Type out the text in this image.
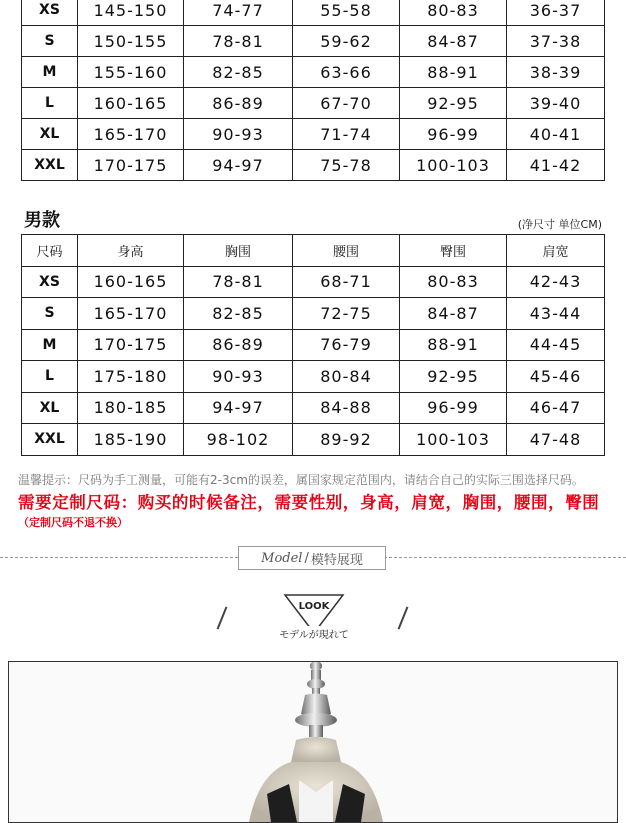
XS	145-150	74-77	55-58	80-83	36-37
S	150-155	78-81	59-62	84-87	37-38
M	155-160	82-85	63-66	88-91	38-39
L	160-165	86-89	67-70	92-95	39-40
XL	165-170	90-93	71-74	96-99	40-41
XXL	170-175	94-97	75-78	100-103	41-42
男款	(净尺寸 单位CM)
尺码	身高	胸围	腰围	臀围	肩宽
XS	160-165	78-81	68-71	80-83	42-43
S	165-170	82-85	72-75	84-87	43-44
M	170-175	86-89	76-79	88-91	44-45
L	175-180	90-93	80-84	92-95	45-46
XL	180-185	94-97	84-88	96-99	46-47
XXL	185-190	98-102	89-92	100-103	47-48
温馨提示：尺码为手工测量，可能有2-3cm的误差，属国家规定范围内，请结合自己的实际三围选择尺码。
需要定制尺码：购买的时候备注，需要性别，身高，肩宽，胸围，腰围，臀围
（定制尺码不退不换）
Model / 模特展现
LOOK
モデルが現れて
